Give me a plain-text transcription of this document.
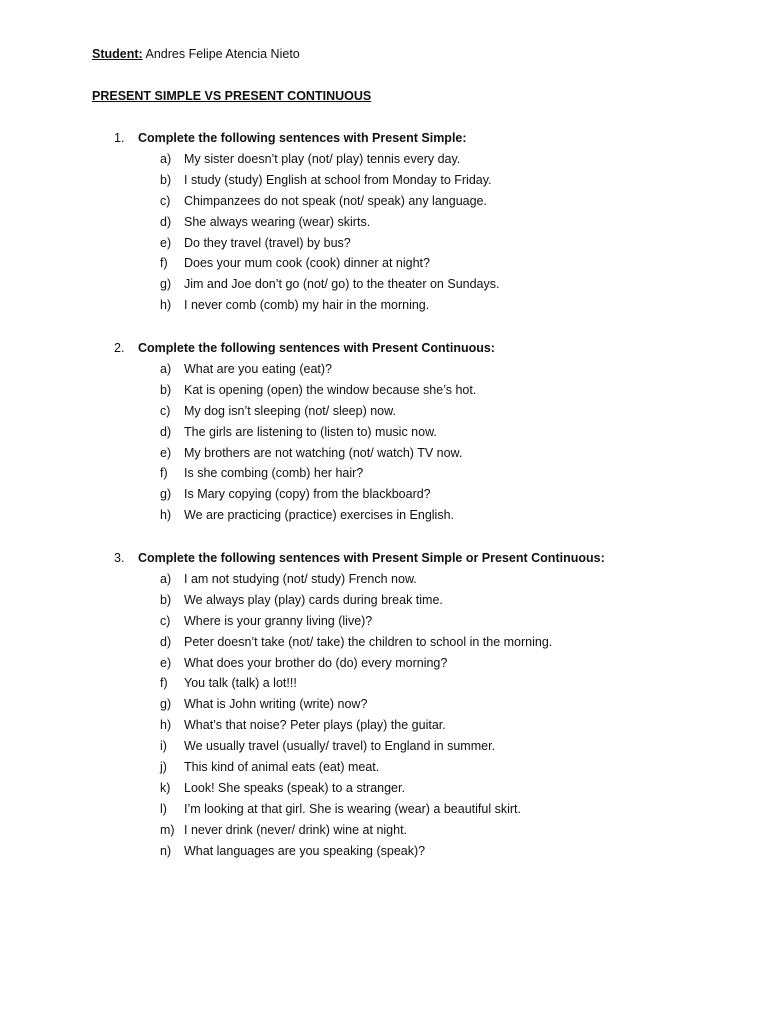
Student: Andres Felipe Atencia Nieto
PRESENT SIMPLE VS PRESENT CONTINUOUS
1. Complete the following sentences with Present Simple:
a) My sister doesn’t play (not/ play) tennis every day.
b) I study (study) English at school from Monday to Friday.
c) Chimpanzees do not speak (not/ speak) any language.
d) She always wearing (wear) skirts.
e) Do they travel (travel) by bus?
f) Does your mum cook (cook) dinner at night?
g) Jim and Joe don’t go (not/ go) to the theater on Sundays.
h) I never comb (comb) my hair in the morning.
2. Complete the following sentences with Present Continuous:
a) What are you eating (eat)?
b) Kat is opening (open) the window because she’s hot.
c) My dog isn’t sleeping (not/ sleep) now.
d) The girls are listening to (listen to) music now.
e) My brothers are not watching (not/ watch) TV now.
f) Is she combing (comb) her hair?
g) Is Mary copying (copy) from the blackboard?
h) We are practicing (practice) exercises in English.
3. Complete the following sentences with Present Simple or Present Continuous:
a) I am not studying (not/ study) French now.
b) We always play (play) cards during break time.
c) Where is your granny living (live)?
d) Peter doesn’t take (not/ take) the children to school in the morning.
e) What does your brother do (do) every morning?
f) You talk (talk) a lot!!!
g) What is John writing (write) now?
h) What’s that noise? Peter plays (play) the guitar.
i) We usually travel (usually/ travel) to England in summer.
j) This kind of animal eats (eat) meat.
k) Look! She speaks (speak) to a stranger.
l) I’m looking at that girl. She is wearing (wear) a beautiful skirt.
m) I never drink (never/ drink) wine at night.
n) What languages are you speaking (speak)?
